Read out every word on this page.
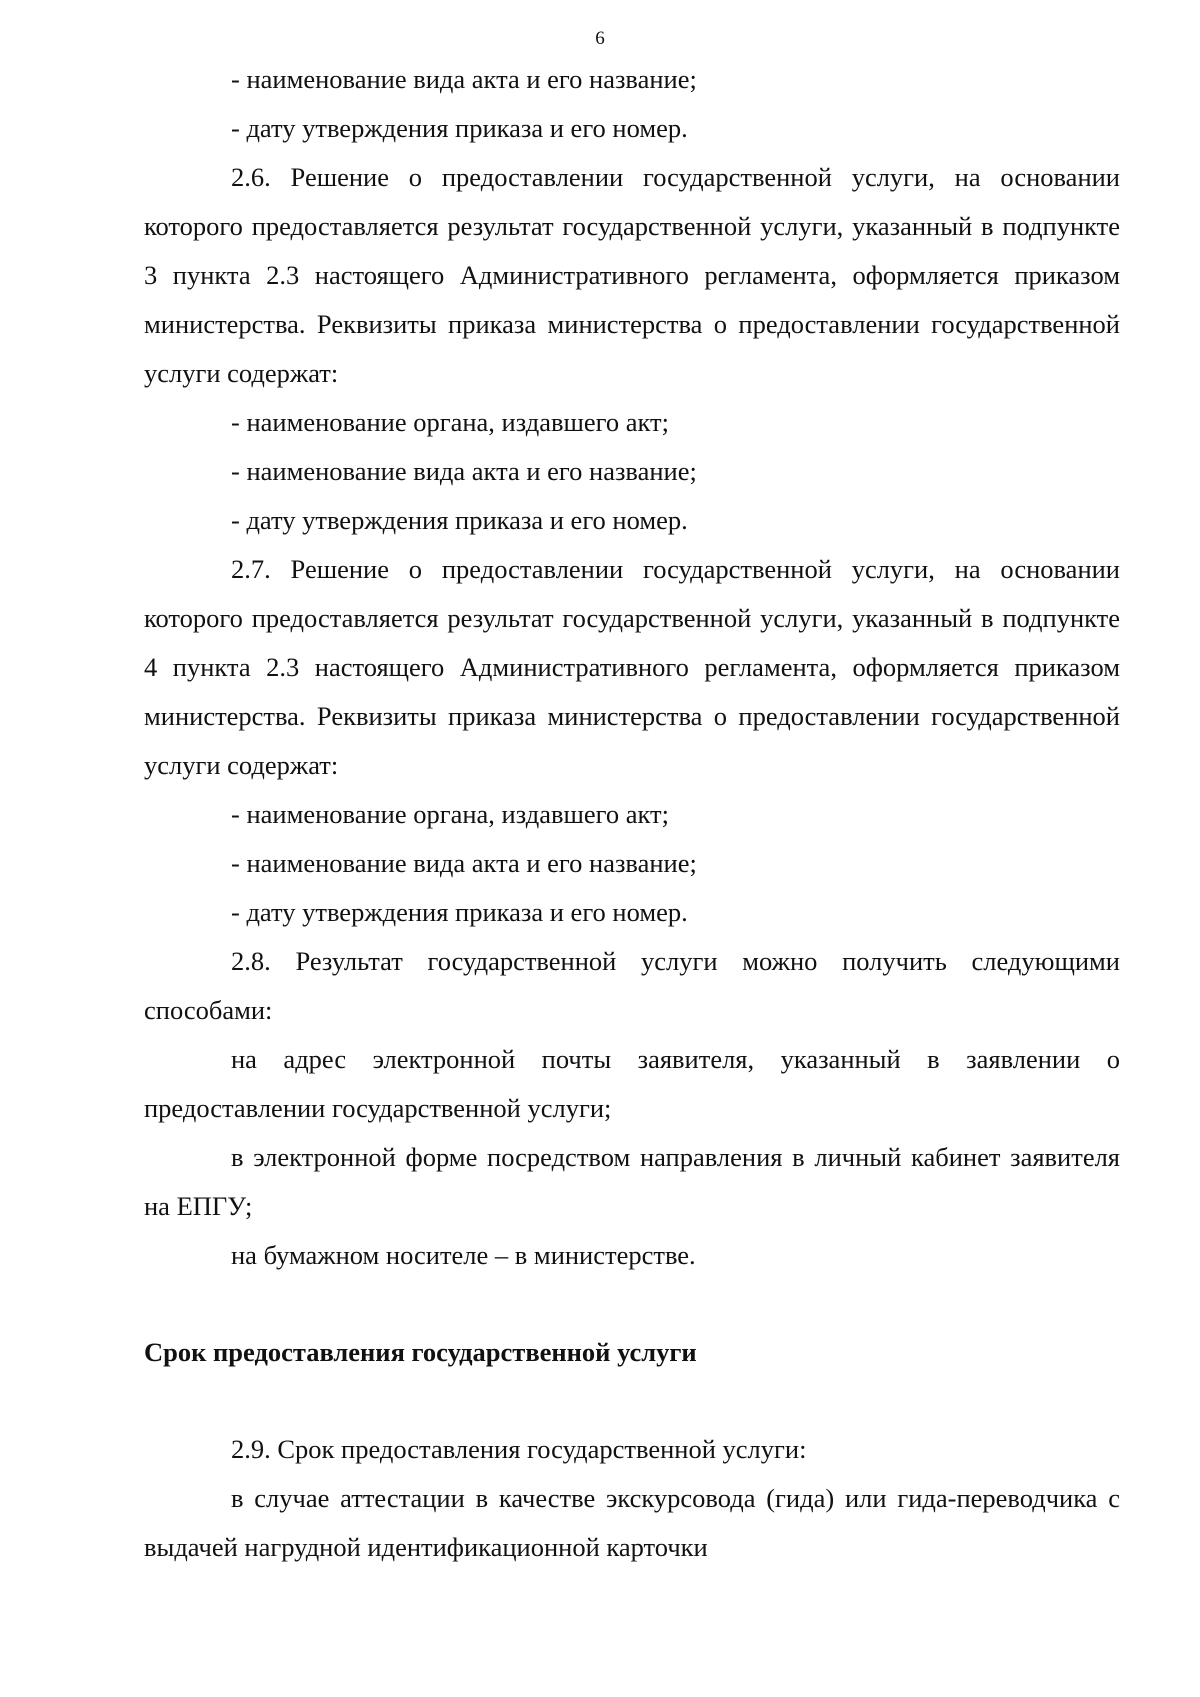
6

- наименование вида акта и его название;

- дату утверждения приказа и его номер.

2.6. Решение о предоставлении государственной услуги, на основании которого предоставляется результат государственной услуги, указанный в подпункте 3 пункта 2.3 настоящего Административного регламента, оформляется приказом министерства. Реквизиты приказа министерства о предоставлении государственной услуги содержат:

- наименование органа, издавшего акт;

- наименование вида акта и его название;

- дату утверждения приказа и его номер.

2.7. Решение о предоставлении государственной услуги, на основании которого предоставляется результат государственной услуги, указанный в подпункте 4 пункта 2.3 настоящего Административного регламента, оформляется приказом министерства. Реквизиты приказа министерства о предоставлении государственной услуги содержат:

- наименование органа, издавшего акт;

- наименование вида акта и его название;

- дату утверждения приказа и его номер.

2.8. Результат государственной услуги можно получить следующими способами:

на адрес электронной почты заявителя, указанный в заявлении о предоставлении государственной услуги;

в электронной форме посредством направления в личный кабинет заявителя на ЕПГУ;

на бумажном носителе – в министерстве.

Срок предоставления государственной услуги

2.9. Срок предоставления государственной услуги:

в случае аттестации в качестве экскурсовода (гида) или гида-переводчика с выдачей нагрудной идентификационной карточки
